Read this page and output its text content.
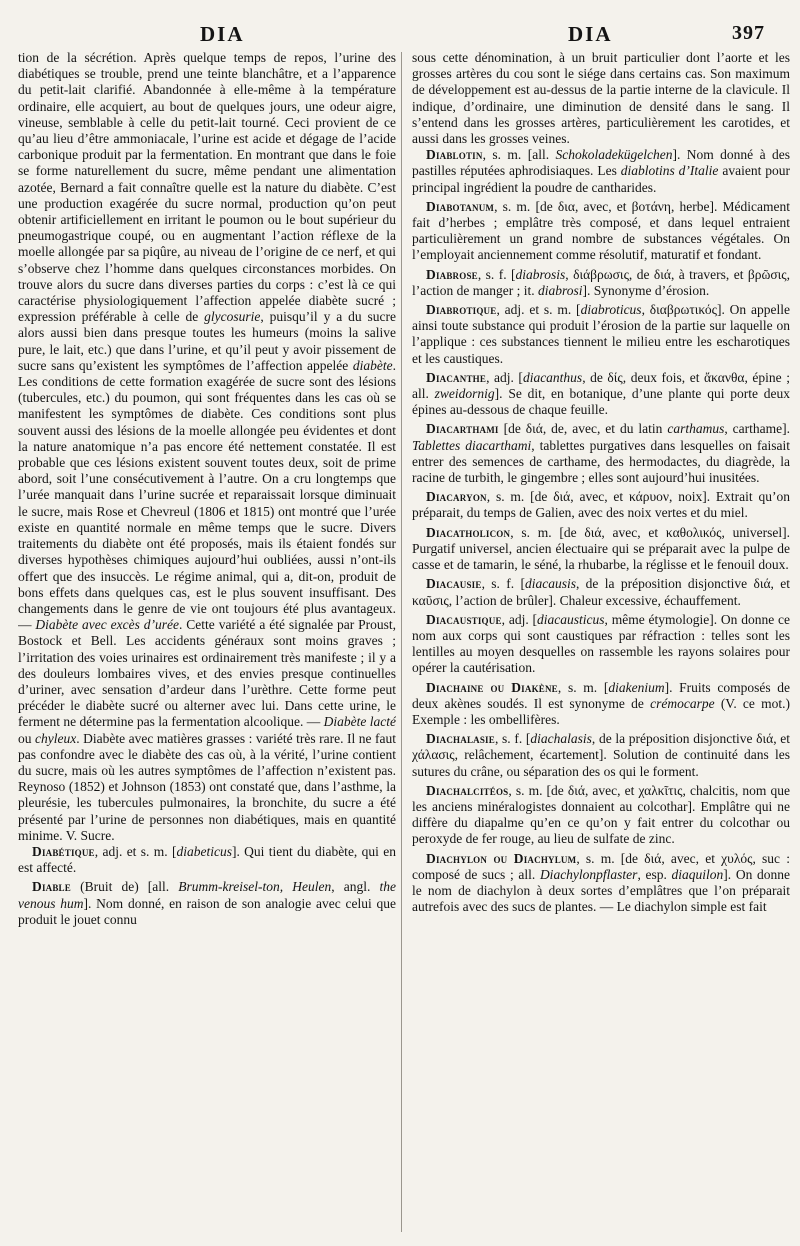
DIA	DIA	397

tion de la sécrétion. Après quelque temps de repos, l’urine des diabétiques se trouble, prend une teinte blanchâtre, et a l’apparence du petit-lait clarifié. Abandonnée à elle-même à la température ordinaire, elle acquiert, au bout de quelques jours, une odeur aigre, vineuse, semblable à celle du petit-lait tourné. Ceci provient de ce qu’au lieu d’être ammoniacale, l’urine est acide et dégage de l’acide carbonique produit par la fermentation. En montrant que dans le foie se forme naturellement du sucre, même pendant une alimentation azotée, Bernard a fait connaître quelle est la nature du diabète. C’est une production exagérée du sucre normal, production qu’on peut obtenir artificiellement en irritant le poumon ou le bout supérieur du pneumogastrique coupé, ou en augmentant l’action réflexe de la moelle allongée par sa piqûre, au niveau de l’origine de ce nerf, et qui s’observe chez l’homme dans quelques circonstances morbides. On trouve alors du sucre dans diverses parties du corps : c’est là ce qui caractérise physiologiquement l’affection appelée diabète sucré ; expression préférable à celle de glycosurie, puisqu’il y a du sucre alors aussi bien dans presque toutes les humeurs (moins la salive pure, le lait, etc.) que dans l’urine, et qu’il peut y avoir pissement de sucre sans qu’existent les symptômes de l’affection appelée diabète. Les conditions de cette formation exagérée de sucre sont des lésions (tubercules, etc.) du poumon, qui sont fréquentes dans les cas où se manifestent les symptômes de diabète. Ces conditions sont plus souvent aussi des lésions de la moelle allongée peu évidentes et dont la nature anatomique n’a pas encore été nettement constatée. Il est probable que ces lésions existent souvent toutes deux, soit de prime abord, soit l’une consécutivement à l’autre. On a cru longtemps que l’urée manquait dans l’urine sucrée et reparaissait lorsque diminuait le sucre, mais Rose et Chevreul (1806 et 1815) ont montré que l’urée existe en quantité normale en même temps que le sucre. Divers traitements du diabète ont été proposés, mais ils étaient fondés sur diverses hypothèses chimiques aujourd’hui oubliées, aussi n’ont-ils offert que des insuccès. Le régime animal, qui a, dit-on, produit de bons effets dans quelques cas, est le plus souvent insuffisant. Des changements dans le genre de vie ont toujours été plus avantageux. — Diabète avec excès d’urée. Cette variété a été signalée par Proust, Bostock et Bell. Les accidents généraux sont moins graves ; l’irritation des voies urinaires est ordinairement très manifeste ; il y a des douleurs lombaires vives, et des envies presque continuelles d’uriner, avec sensation d’ardeur dans l’urèthre. Cette forme peut précéder le diabète sucré ou alterner avec lui. Dans cette urine, le ferment ne détermine pas la fermentation alcoolique. — Diabète lacté ou chyleux. Diabète avec matières grasses : variété très rare. Il ne faut pas confondre avec le diabète des cas où, à la vérité, l’urine contient du sucre, mais où les autres symptômes de l’affection n’existent pas. Reynoso (1852) et Johnson (1853) ont constaté que, dans l’asthme, la pleurésie, les tubercules pulmonaires, la bronchite, du sucre a été présenté par l’urine de personnes non diabétiques, mais en quantité minime. V. Sucre.

Diabétique, adj. et s. m. [diabeticus]. Qui tient du diabète, qui en est affecté.

Diable (Bruit de) [all. Brumm-kreisel-ton, Heulen, angl. the venous hum]. Nom donné, en raison de son analogie avec celui que produit le jouet connu

sous cette dénomination, à un bruit particulier dont l’aorte et les grosses artères du cou sont le siége dans certains cas. Son maximum de développement est au-dessus de la partie interne de la clavicule. Il indique, d’ordinaire, une diminution de densité dans le sang. Il s’entend dans les grosses artères, particulièrement les carotides, et aussi dans les grosses veines.

Diablotin, s. m. [all. Schokoladekügelchen]. Nom donné à des pastilles réputées aphrodisiaques. Les diablotins d’Italie avaient pour principal ingrédient la poudre de cantharides.

Diabotanum, s. m. [de δια, avec, et βοτάνη, herbe]. Médicament fait d’herbes ; emplâtre très composé, et dans lequel entraient particulièrement un grand nombre de substances végétales. On l’employait anciennement comme résolutif, maturatif et fondant.

Diabrose, s. f. [diabrosis, διάβρωσις, de διά, à travers, et βρῶσις, l’action de manger ; it. diabrosi]. Synonyme d’érosion.

Diabrotique, adj. et s. m. [diabroticus, διαβρωτικός]. On appelle ainsi toute substance qui produit l’érosion de la partie sur laquelle on l’applique : ces substances tiennent le milieu entre les escharotiques et les caustiques.

Diacanthe, adj. [diacanthus, de δίς, deux fois, et ἄκανθα, épine ; all. zweidornig]. Se dit, en botanique, d’une plante qui porte deux épines au-dessous de chaque feuille.

Diacarthami [de διά, de, avec, et du latin carthamus, carthame]. Tablettes diacarthami, tablettes purgatives dans lesquelles on faisait entrer des semences de carthame, des hermodactes, du diagrède, la racine de turbith, le gingembre ; elles sont aujourd’hui inusitées.

Diacaryon, s. m. [de διά, avec, et κάρυον, noix]. Extrait qu’on préparait, du temps de Galien, avec des noix vertes et du miel.

Diacatholicon, s. m. [de διά, avec, et καθολικός, universel]. Purgatif universel, ancien électuaire qui se préparait avec la pulpe de casse et de tamarin, le séné, la rhubarbe, la réglisse et le fenouil doux.

Diacausie, s. f. [diacausis, de la préposition disjonctive διά, et καῦσις, l’action de brûler]. Chaleur excessive, échauffement.

Diacaustique, adj. [diacausticus, même étymologie]. On donne ce nom aux corps qui sont caustiques par réfraction : telles sont les lentilles au moyen desquelles on rassemble les rayons solaires pour opérer la cautérisation.

Diachaine ou Diakène, s. m. [diakenium]. Fruits composés de deux akènes soudés. Il est synonyme de crémocarpe (V. ce mot.) Exemple : les ombellifères.

Diachalasie, s. f. [diachalasis, de la préposition disjonctive διά, et χάλασις, relâchement, écartement]. Solution de continuité dans les sutures du crâne, ou séparation des os qui le forment.

Diachalcitéos, s. m. [de διά, avec, et χαλκῖτις, chalcitis, nom que les anciens minéralogistes donnaient au colcothar]. Emplâtre qui ne diffère du diapalme qu’en ce qu’on y fait entrer du colcothar ou peroxyde de fer rouge, au lieu de sulfate de zinc.

Diachylon ou Diachylum, s. m. [de διά, avec, et χυλός, suc : composé de sucs ; all. Diachylonpflaster, esp. diaquilon]. On donne le nom de diachylon à deux sortes d’emplâtres que l’on préparait autrefois avec des sucs de plantes. — Le diachylon simple est fait
